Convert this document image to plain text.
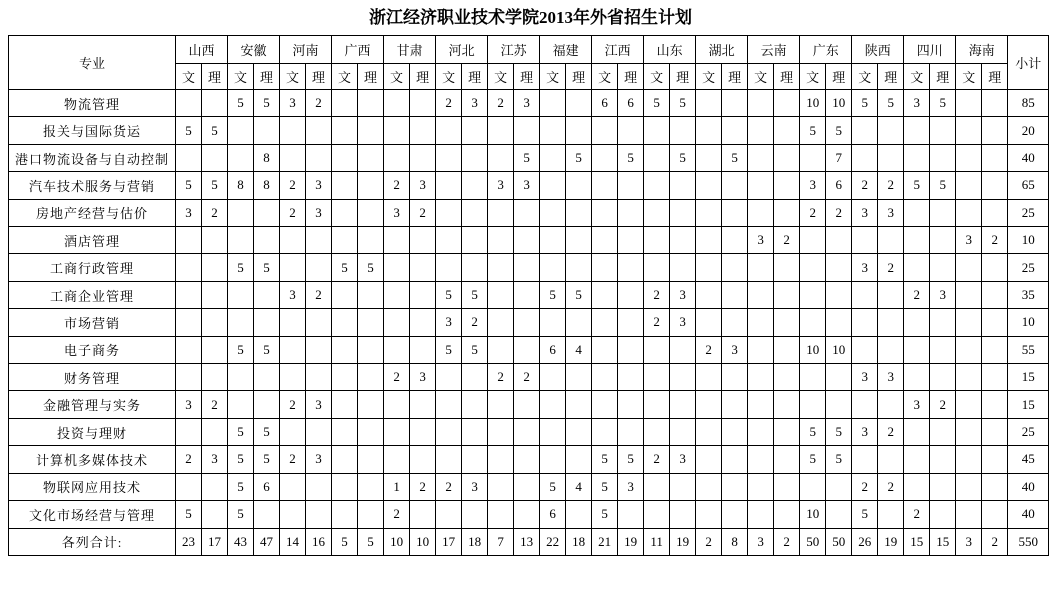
浙江经济职业技术学院2013年外省招生计划
专业	山西		安徽		河南		广西		甘肃		河北		江苏		福建		江西		山东		湖北		云南		广东		陕西		四川		海南		小计
	文	理	文	理	文	理	文	理	文	理	文	理	文	理	文	理	文	理	文	理	文	理	文	理	文	理	文	理	文	理	文	理	
物流管理			5	5	3	2					2	3	2	3			6	6	5	5					10	10	5	5	3	5			85
报关与国际货运	5	5																							5	5							20
港口物流设备与自动控制				8										5		5		5		5		5				7							40
汽车技术服务与营销	5	5	8	8	2	3			2	3			3	3											3	6	2	2	5	5			65
房地产经营与估价	3	2			2	3			3	2															2	2	3	3					25
酒店管理																							3	2							3	2	10
工商行政管理			5	5			5	5																			3	2					25
工商企业管理					3	2					5	5			5	5			2	3									2	3			35
市场营销											3	2							2	3													10
电子商务			5	5							5	5			6	4					2	3			10	10							55
财务管理									2	3			2	2													3	3					15
金融管理与实务	3	2			2	3																							3	2			15
投资与理财			5	5																					5	5	3	2					25
计算机多媒体技术	2	3	5	5	2	3											5	5	2	3					5	5							45
物联网应用技术			5	6					1	2	2	3			5	4	5	3									2	2					40
文化市场经营与管理	5		5						2						6		5								10		5		2				40
各列合计:	23	17	43	47	14	16	5	5	10	10	17	18	7	13	22	18	21	19	11	19	2	8	3	2	50	50	26	19	15	15	3	2	550
